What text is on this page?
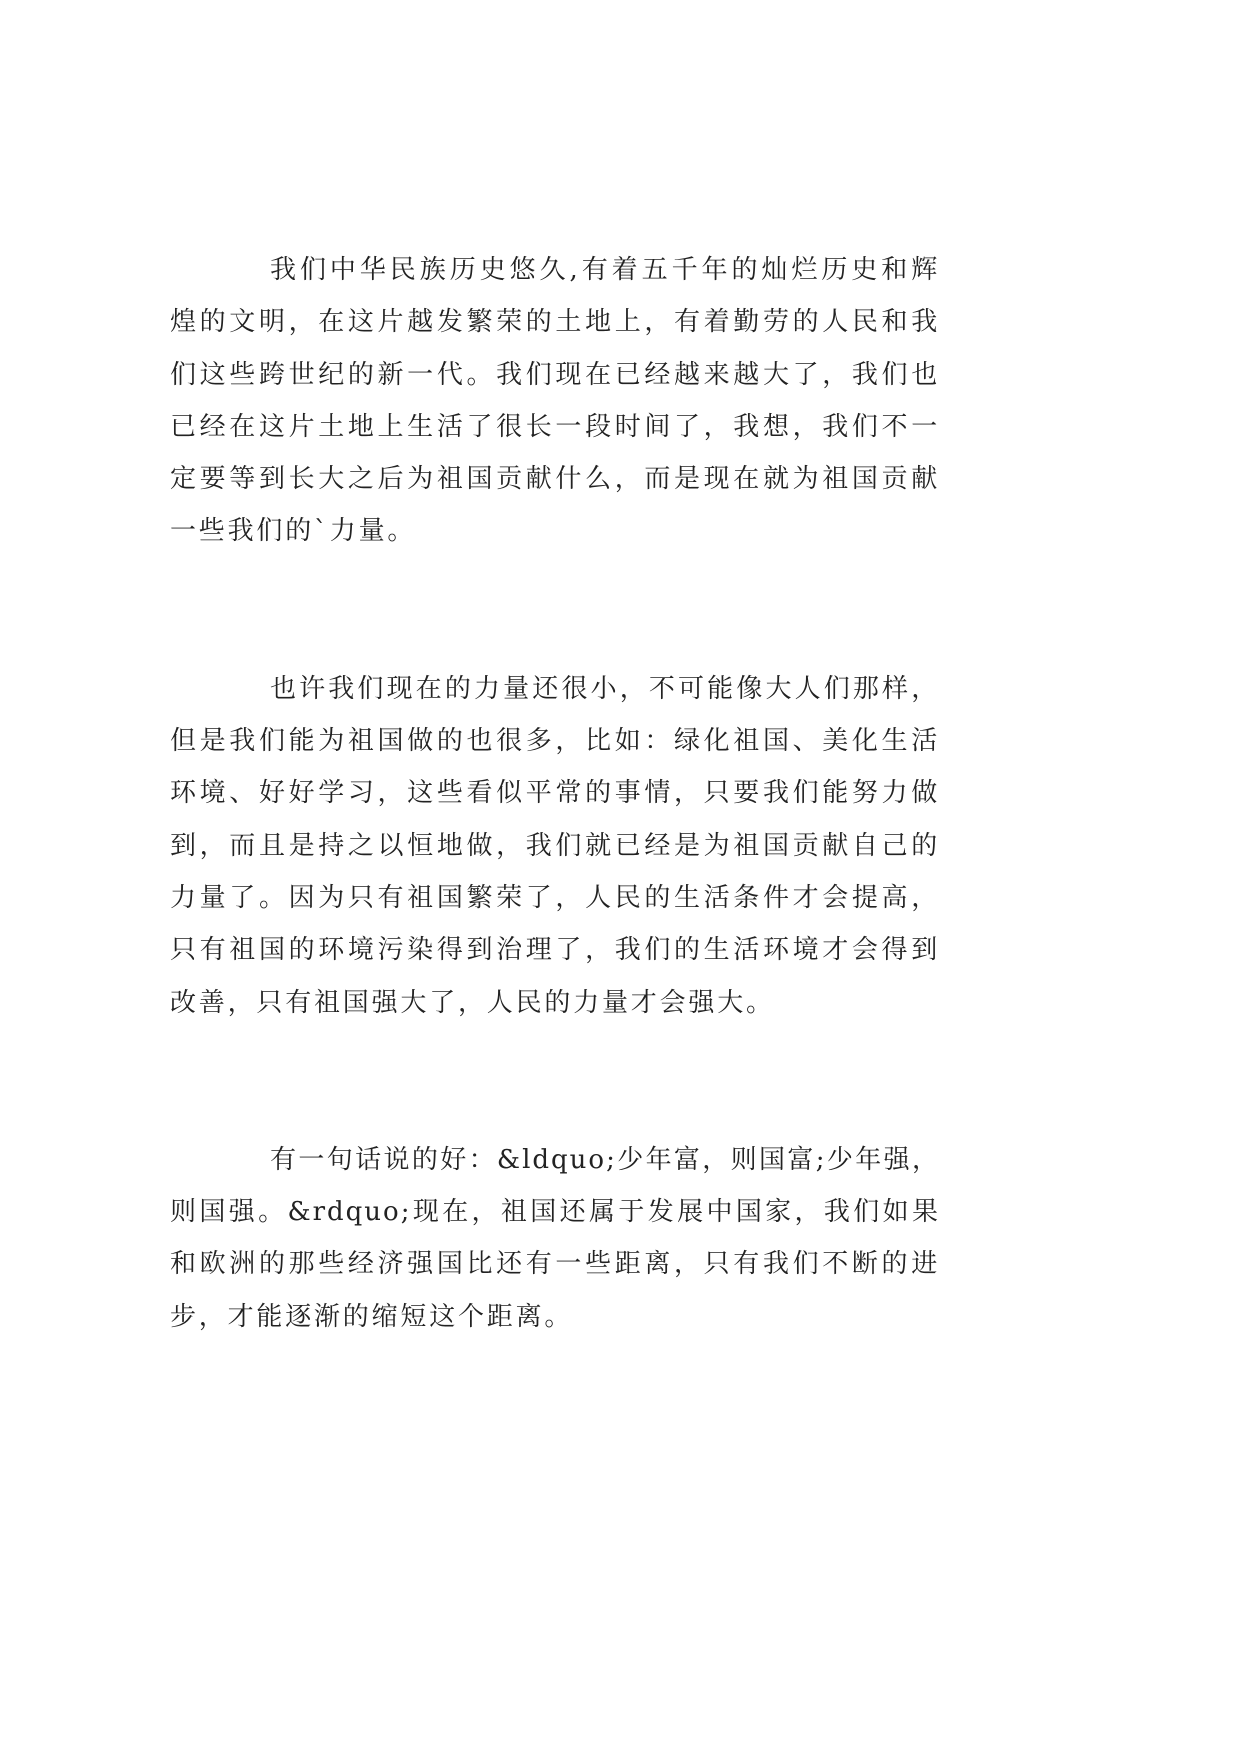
我们中华民族历史悠久,有着五千年的灿烂历史和辉
煌的文明，在这片越发繁荣的土地上，有着勤劳的人民和我
们这些跨世纪的新一代。我们现在已经越来越大了，我们也
已经在这片土地上生活了很长一段时间了，我想，我们不一
定要等到长大之后为祖国贡献什么，而是现在就为祖国贡献
一些我们的`力量。
也许我们现在的力量还很小，不可能像大人们那样，
但是我们能为祖国做的也很多，比如：绿化祖国、美化生活
环境、好好学习，这些看似平常的事情，只要我们能努力做
到，而且是持之以恒地做，我们就已经是为祖国贡献自己的
力量了。因为只有祖国繁荣了，人民的生活条件才会提高，
只有祖国的环境污染得到治理了，我们的生活环境才会得到
改善，只有祖国强大了，人民的力量才会强大。
有一句话说的好：&ldquo;少年富，则国富;少年强，
则国强。&rdquo;现在，祖国还属于发展中国家，我们如果
和欧洲的那些经济强国比还有一些距离，只有我们不断的进
步，才能逐渐的缩短这个距离。
